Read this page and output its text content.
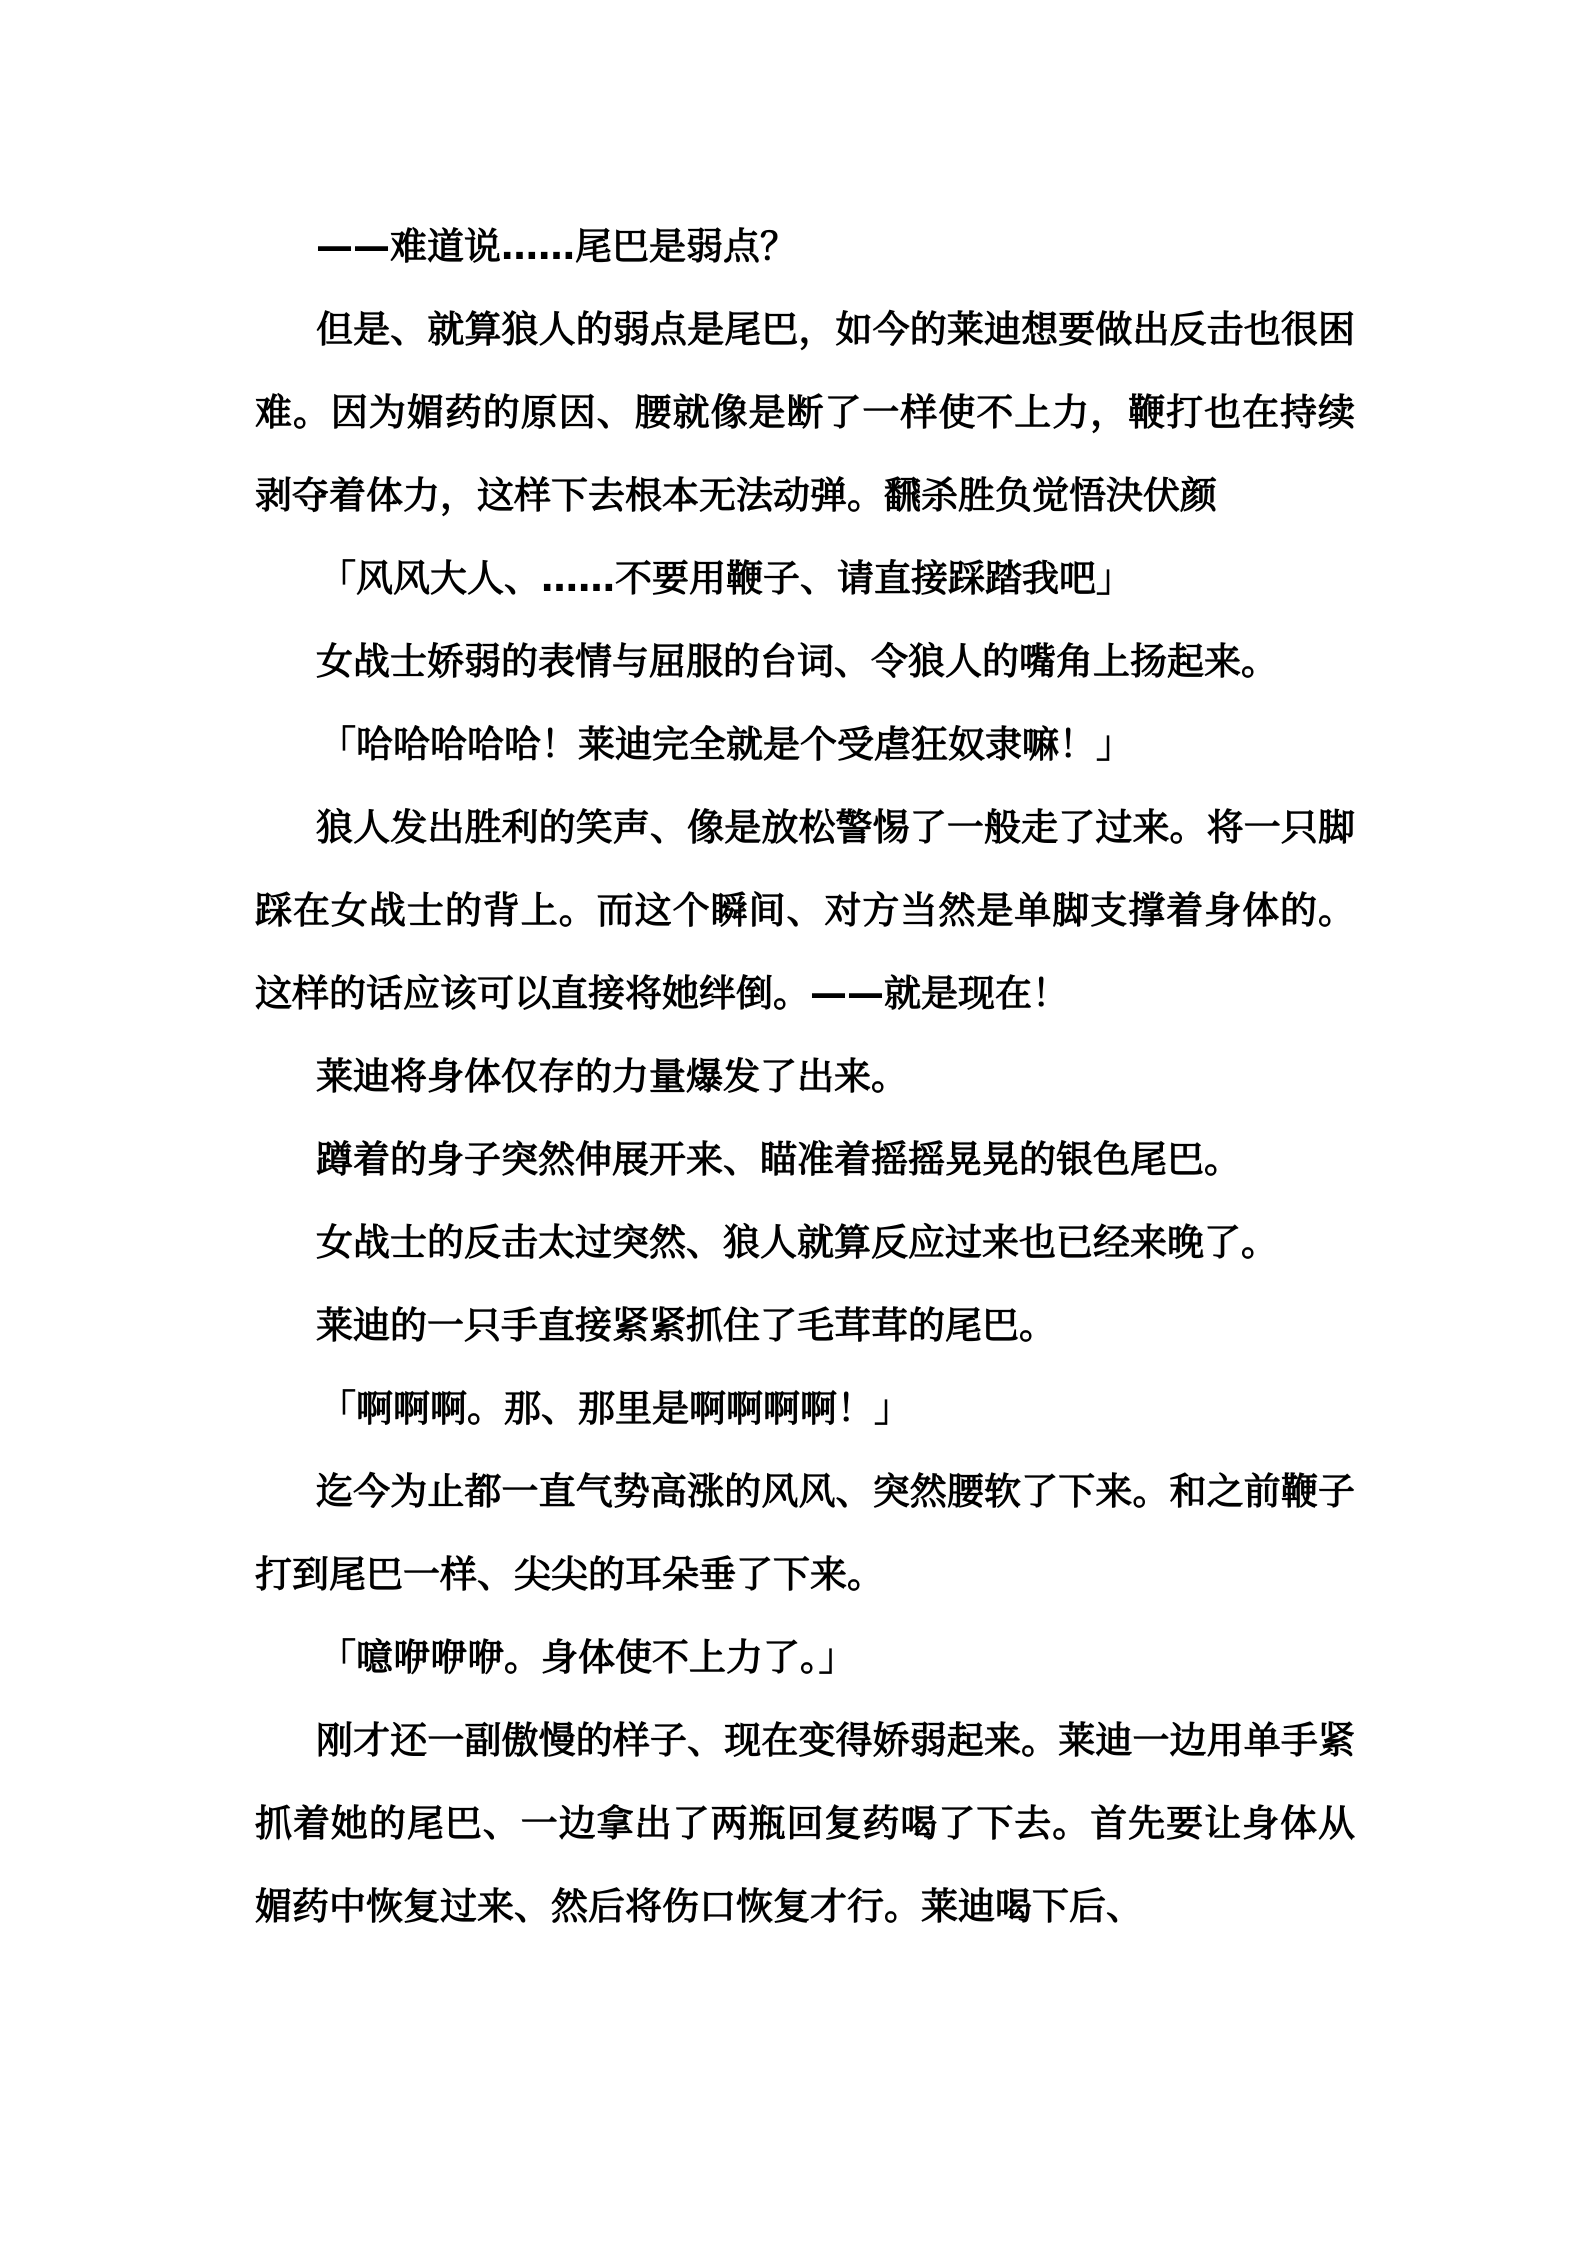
——难道说……尾巴是弱点？

但是、就算狼人的弱点是尾巴，如今的莱迪想要做出反击也很困难。因为媚药的原因、腰就像是断了一样使不上力，鞭打也在持续剥夺着体力，这样下去根本无法动弹。飜杀胜负觉悟決伏颜

「风风大人、……不要用鞭子、请直接踩踏我吧」

女战士娇弱的表情与屈服的台词、令狼人的嘴角上扬起来。

「哈哈哈哈哈！莱迪完全就是个受虐狂奴隶嘛！」

狼人发出胜利的笑声、像是放松警惕了一般走了过来。将一只脚踩在女战士的背上。而这个瞬间、对方当然是单脚支撑着身体的。这样的话应该可以直接将她绊倒。——就是现在！

莱迪将身体仅存的力量爆发了出来。

蹲着的身子突然伸展开来、瞄准着摇摇晃晃的银色尾巴。

女战士的反击太过突然、狼人就算反应过来也已经来晚了。

莱迪的一只手直接紧紧抓住了毛茸茸的尾巴。

「啊啊啊。那、那里是啊啊啊啊！」

迄今为止都一直气势高涨的风风、突然腰软了下来。和之前鞭子打到尾巴一样、尖尖的耳朵垂了下来。

「噫咿咿咿。身体使不上力了。」

刚才还一副傲慢的样子、现在变得娇弱起来。莱迪一边用单手紧抓着她的尾巴、一边拿出了两瓶回复药喝了下去。首先要让身体从媚药中恢复过来、然后将伤口恢复才行。莱迪喝下后、
